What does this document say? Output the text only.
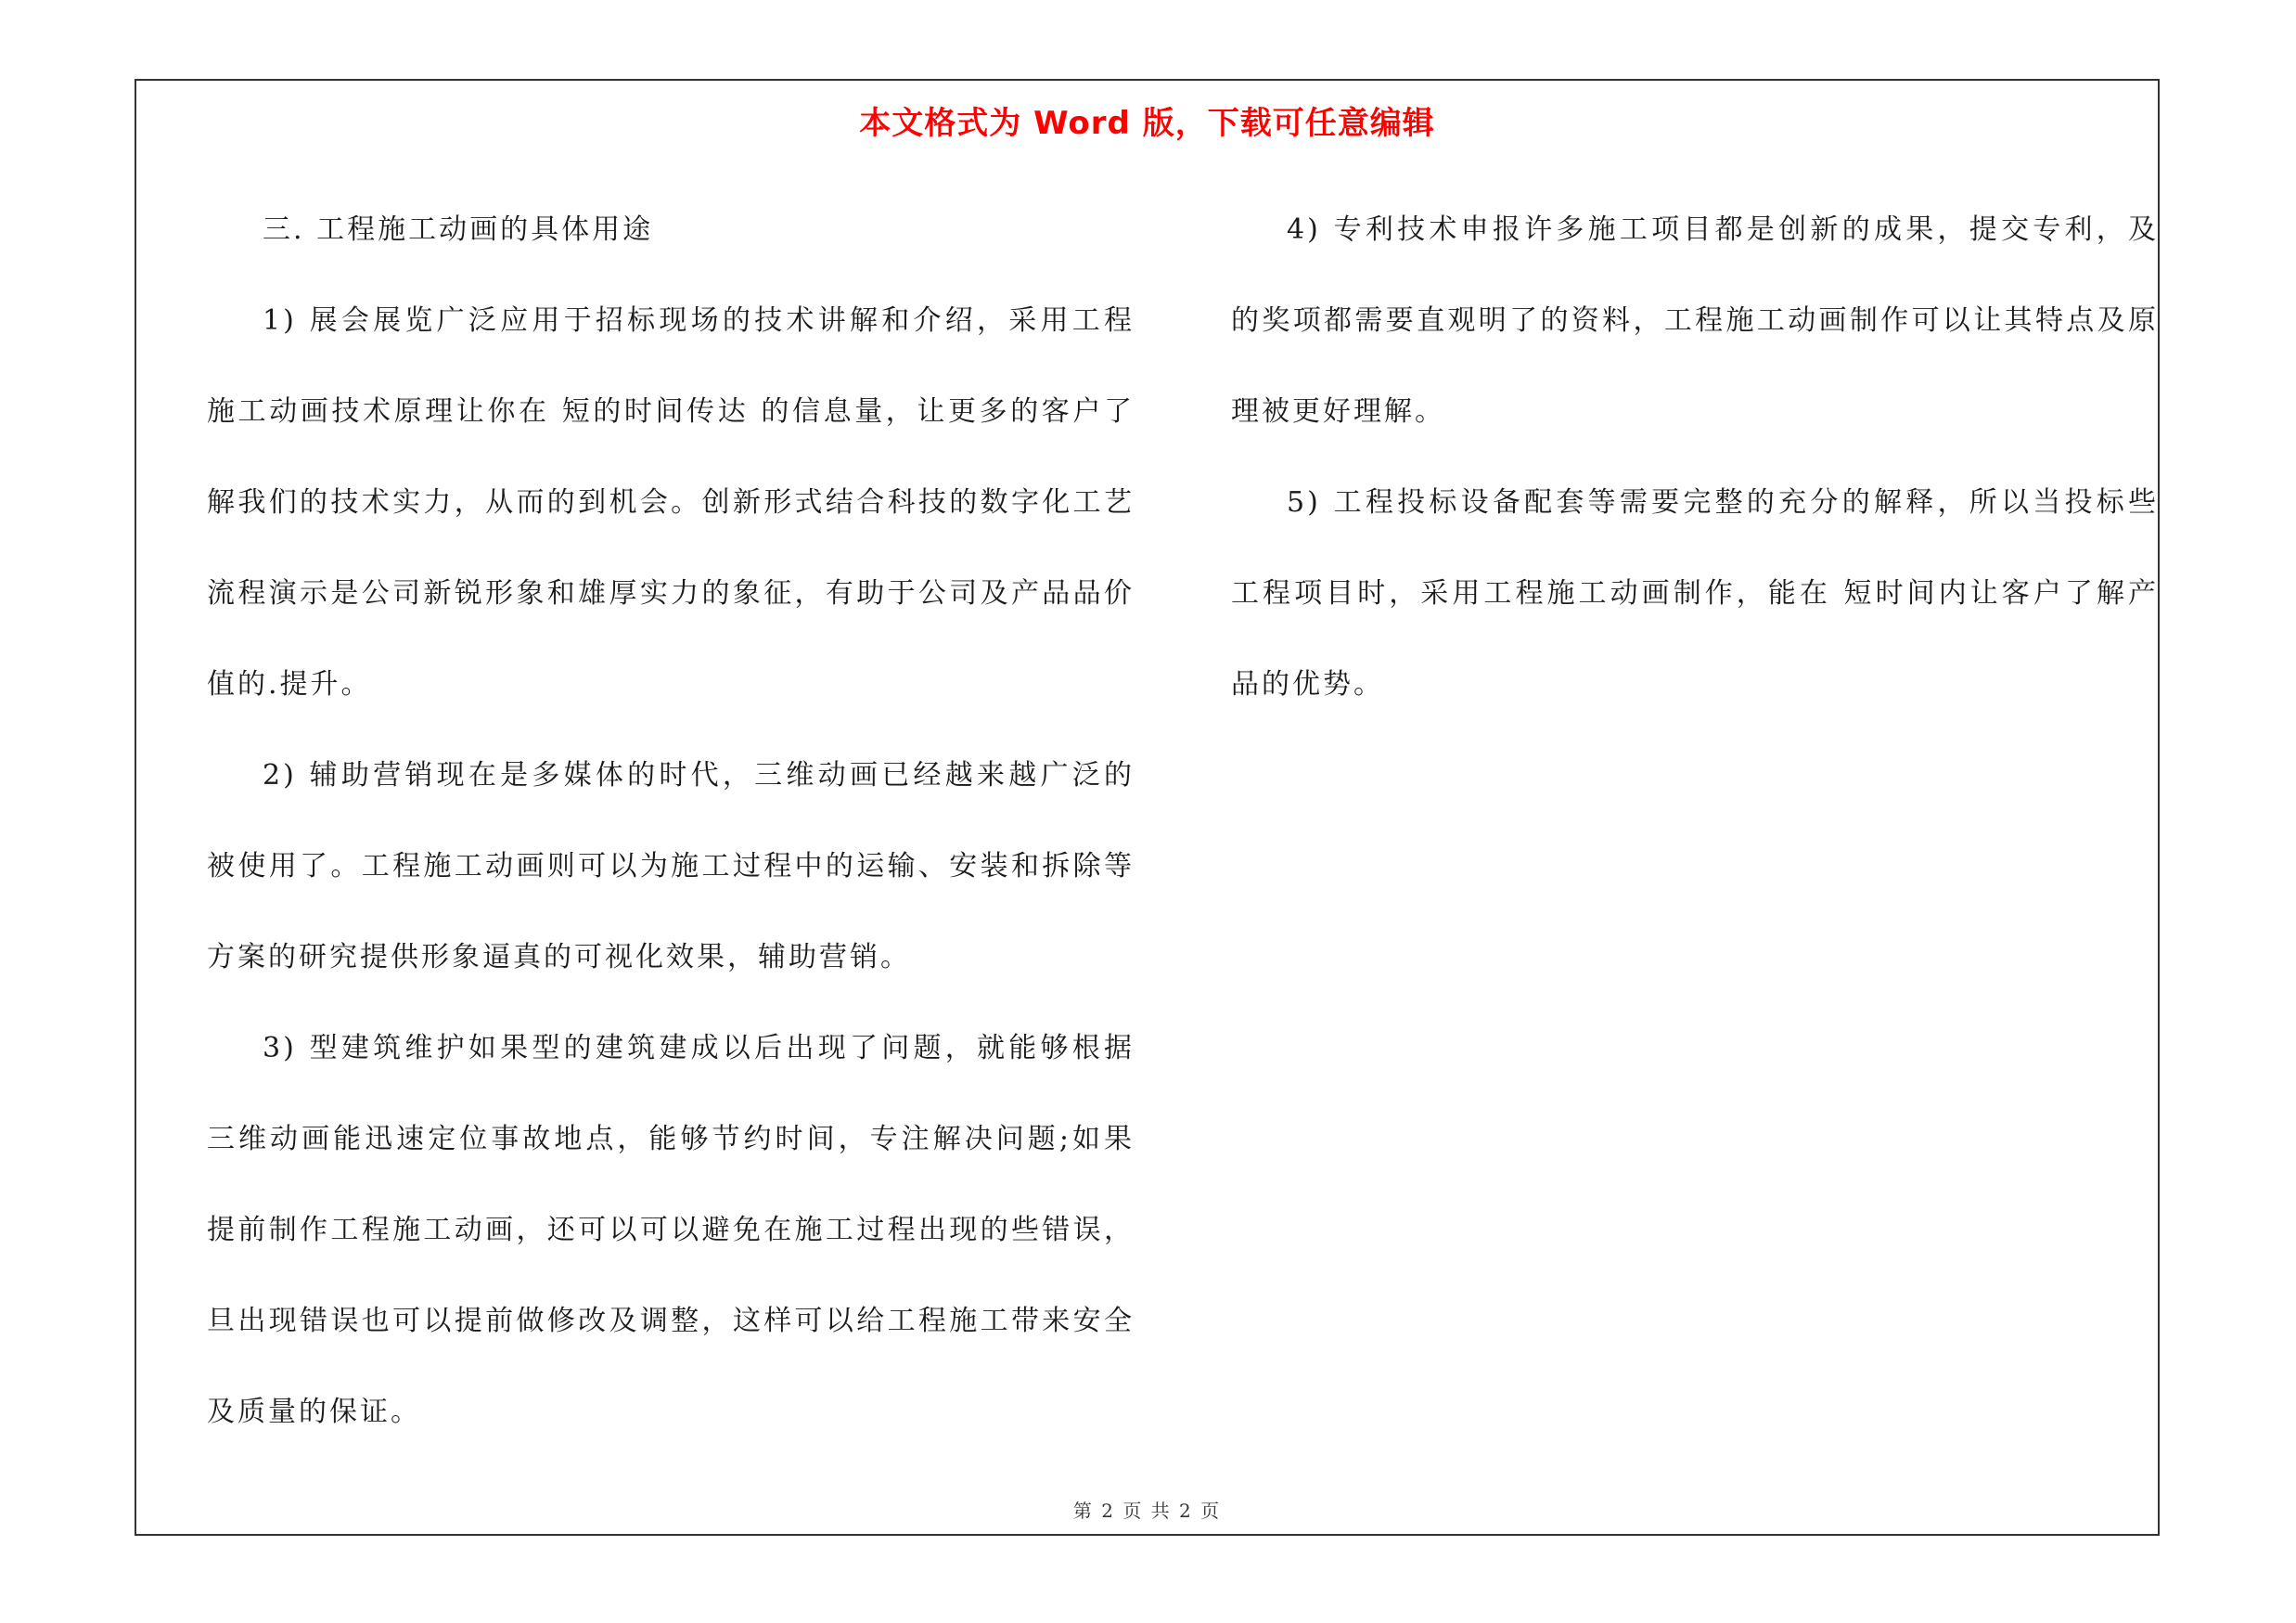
本文格式为 Word 版，下载可任意编辑

三. 工程施工动画的具体用途

1) 展会展览广泛应用于招标现场的技术讲解和介绍，采用工程施工动画技术原理让你在 短的时间传达 的信息量，让更多的客户了解我们的技术实力，从而的到机会。创新形式结合科技的数字化工艺流程演示是公司新锐形象和雄厚实力的象征，有助于公司及产品品价值的.提升。

2) 辅助营销现在是多媒体的时代，三维动画已经越来越广泛的被使用了。工程施工动画则可以为施工过程中的运输、安装和拆除等方案的研究提供形象逼真的可视化效果，辅助营销。

3) 型建筑维护如果型的建筑建成以后出现了问题，就能够根据三维动画能迅速定位事故地点，能够节约时间，专注解决问题;如果提前制作工程施工动画，还可以可以避免在施工过程出现的些错误，旦出现错误也可以提前做修改及调整，这样可以给工程施工带来安全及质量的保证。

4) 专利技术申报许多施工项目都是创新的成果，提交专利，及的奖项都需要直观明了的资料，工程施工动画制作可以让其特点及原理被更好理解。

5) 工程投标设备配套等需要完整的充分的解释，所以当投标些工程项目时，采用工程施工动画制作，能在 短时间内让客户了解产品的优势。

第 2 页 共 2 页
